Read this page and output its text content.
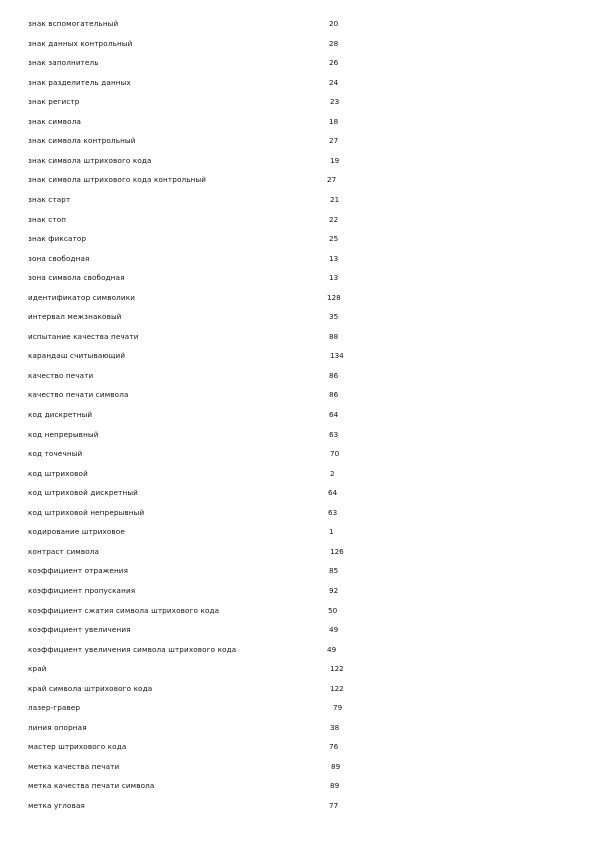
знак вспомогательный	20
знак данных контрольный	28
знак заполнитель	26
знак разделитель данных	24
знак регистр	23
знак символа	18
знак символа контрольный	27
знак символа штрихового кода	19
знак символа штрихового кода контрольный	27
знак старт	21
знак стоп	22
знак фиксатор	25
зона свободная	13
зона символа свободная	13
идентификатор символики	128
интервал межзнаковый	35
испытание качества печати	88
карандаш считывающий	134
качество печати	86
качество печати символа	86
код дискретный	64
код непрерывный	63
код точечный	70
код штриховой	2
код штриховой дискретный	64
код штриховой непрерывный	63
кодирование штриховое	1
контраст символа	126
коэффициент отражения	85
коэффициент пропускания	92
коэффициент сжатия символа штрихового кода	50
коэффициент увеличения	49
коэффициент увеличения символа штрихового кода	49
край	122
край символа штрихового кода	122
лазер-гравер	79
линия опорная	38
мастер штрихового кода	76
метка качества печати	89
метка качества печати символа	89
метка угловая	77
